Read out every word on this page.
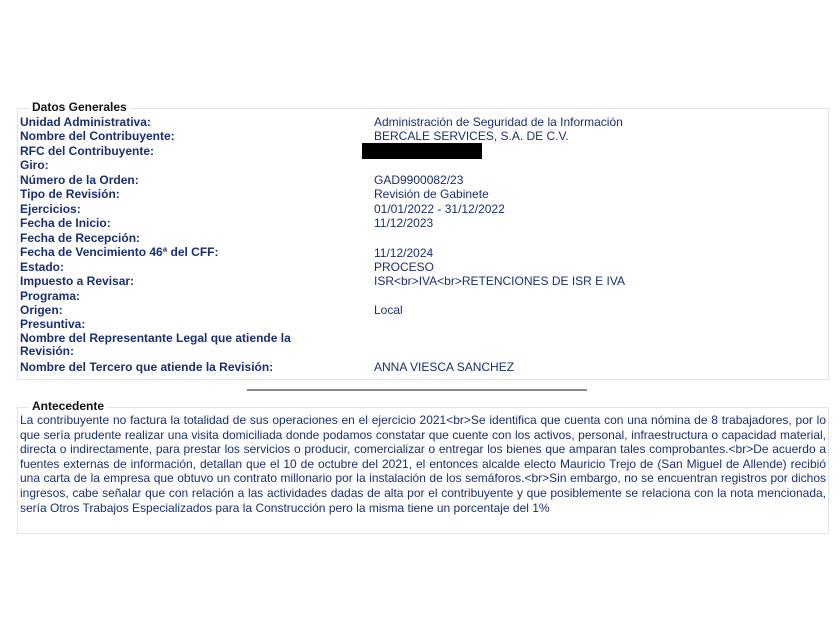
Datos Generales
Unidad Administrativa:	Administración de Seguridad de la Información
Nombre del Contribuyente:	BERCALE SERVICES, S.A. DE C.V.
RFC del Contribuyente:
Giro:
Número de la Orden:	GAD9900082/23
Tipo de Revisión:	Revisión de Gabinete
Ejercicios:	01/01/2022 - 31/12/2022
Fecha de Inicio:	11/12/2023
Fecha de Recepción:
Fecha de Vencimiento 46ª del CFF:	11/12/2024
Estado:	PROCESO
Impuesto a Revisar:	ISR<br>IVA<br>RETENCIONES DE ISR E IVA
Programa:
Origen:	Local
Presuntiva:
Nombre del Representante Legal que atiende la Revisión:
Nombre del Tercero que atiende la Revisión:	ANNA VIESCA SANCHEZ
Antecedente
La contribuyente no factura la totalidad de sus operaciones en el ejercicio 2021<br>Se identifica que cuenta con una nómina de 8 trabajadores, por lo que sería prudente realizar una visita domiciliada donde podamos constatar que cuente con los activos, personal, infraestructura o capacidad material, directa o indirectamente, para prestar los servicios o producir, comercializar o entregar los bienes que amparan tales comprobantes.<br>De acuerdo a fuentes externas de información, detallan que el 10 de octubre del 2021, el entonces alcalde electo Mauricio Trejo de (San Miguel de Allende) recibió una carta de la empresa que obtuvo un contrato millonario por la instalación de los semáforos.<br>Sin embargo, no se encuentran registros por dichos ingresos, cabe señalar que con relación a las actividades dadas de alta por el contribuyente y que posiblemente se relaciona con la nota mencionada, sería Otros Trabajos Especializados para la Construcción pero la misma tiene un porcentaje del 1%
